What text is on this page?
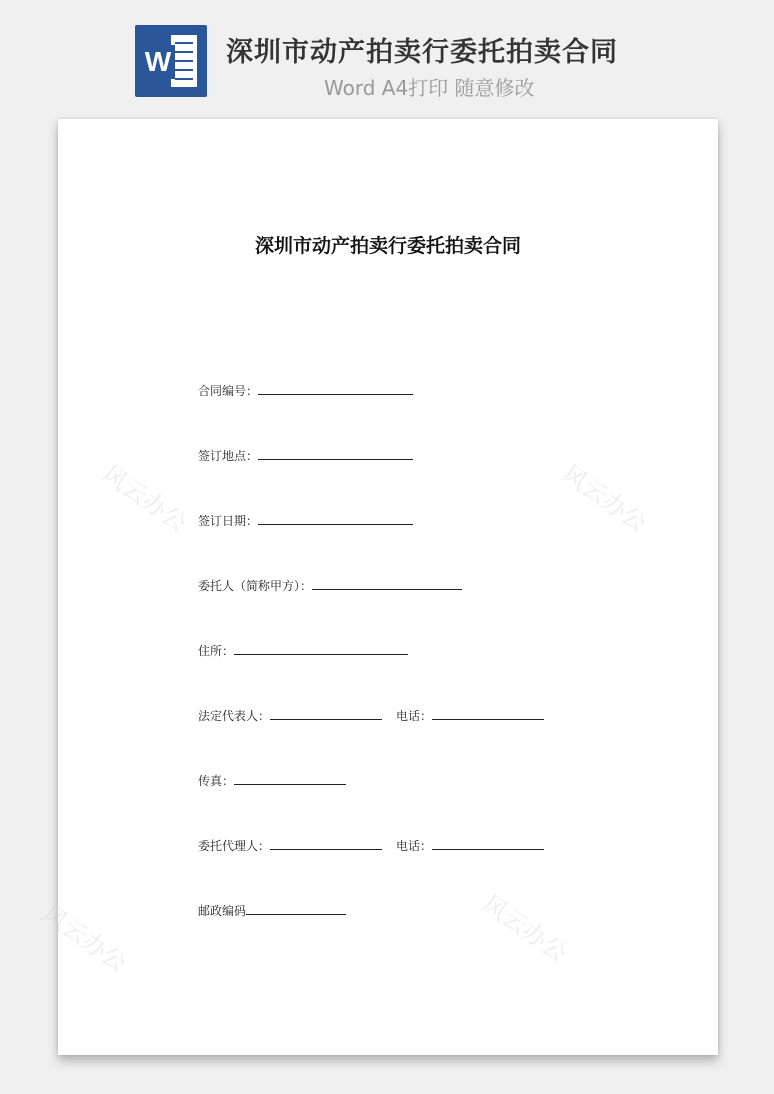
W 深圳市动产拍卖行委托拍卖合同
Word A4打印 随意修改
风云办公	风云办公
风云办公
风云办公
深圳市动产拍卖行委托拍卖合同
合同编号：
签订地点：
签订日期：
委托人（简称甲方）：
住所：
法定代表人：	电话：
传真：
委托代理人：	电话：
邮政编码
